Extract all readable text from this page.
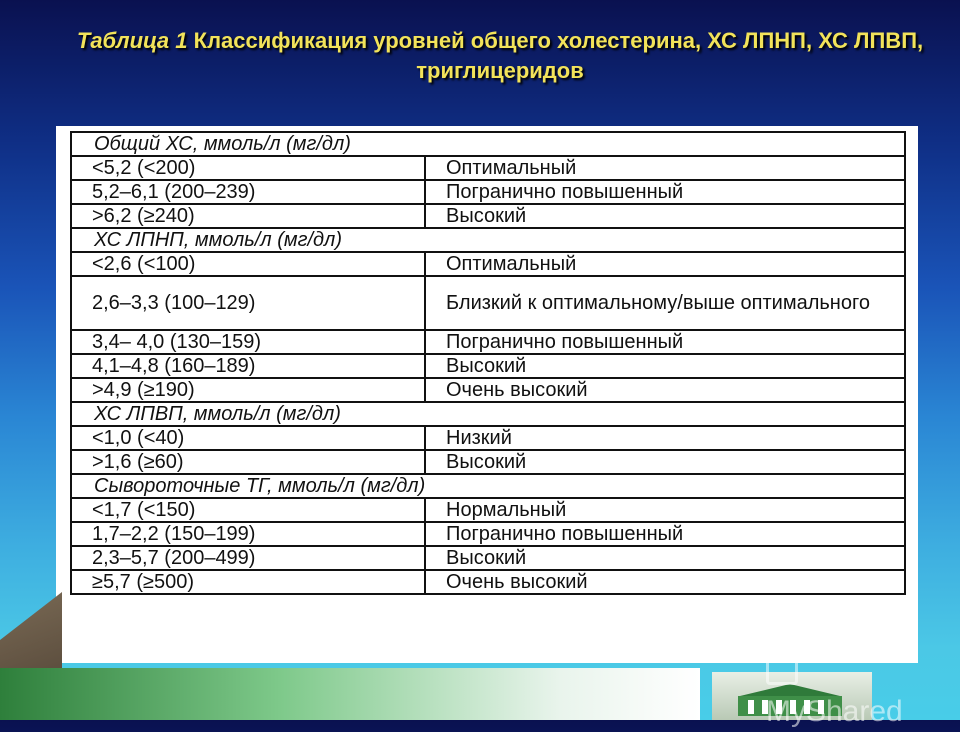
Таблица 1 Классификация уровней общего холестерина, ХС ЛПНП, ХС ЛПВП, триглицеридов
Общий ХС, ммоль/л (мг/дл)	
<5,2 (<200)	Оптимальный
5,2–6,1 (200–239)	Погранично повышенный
>6,2 (≥240)	Высокий
ХС ЛПНП, ммоль/л (мг/дл)	
<2,6 (<100)	Оптимальный
2,6–3,3 (100–129)	Близкий к оптимальному/выше оптимального
3,4– 4,0 (130–159)	Погранично повышенный
4,1–4,8 (160–189)	Высокий
>4,9 (≥190)	Очень высокий
ХС ЛПВП, ммоль/л (мг/дл)	
<1,0 (<40)	Низкий
>1,6 (≥60)	Высокий
Сывороточные ТГ, ммоль/л (мг/дл)	
<1,7 (<150)	Нормальный
1,7–2,2 (150–199)	Погранично повышенный
2,3–5,7 (200–499)	Высокий
≥5,7 (≥500)	Очень высокий
MyShared
